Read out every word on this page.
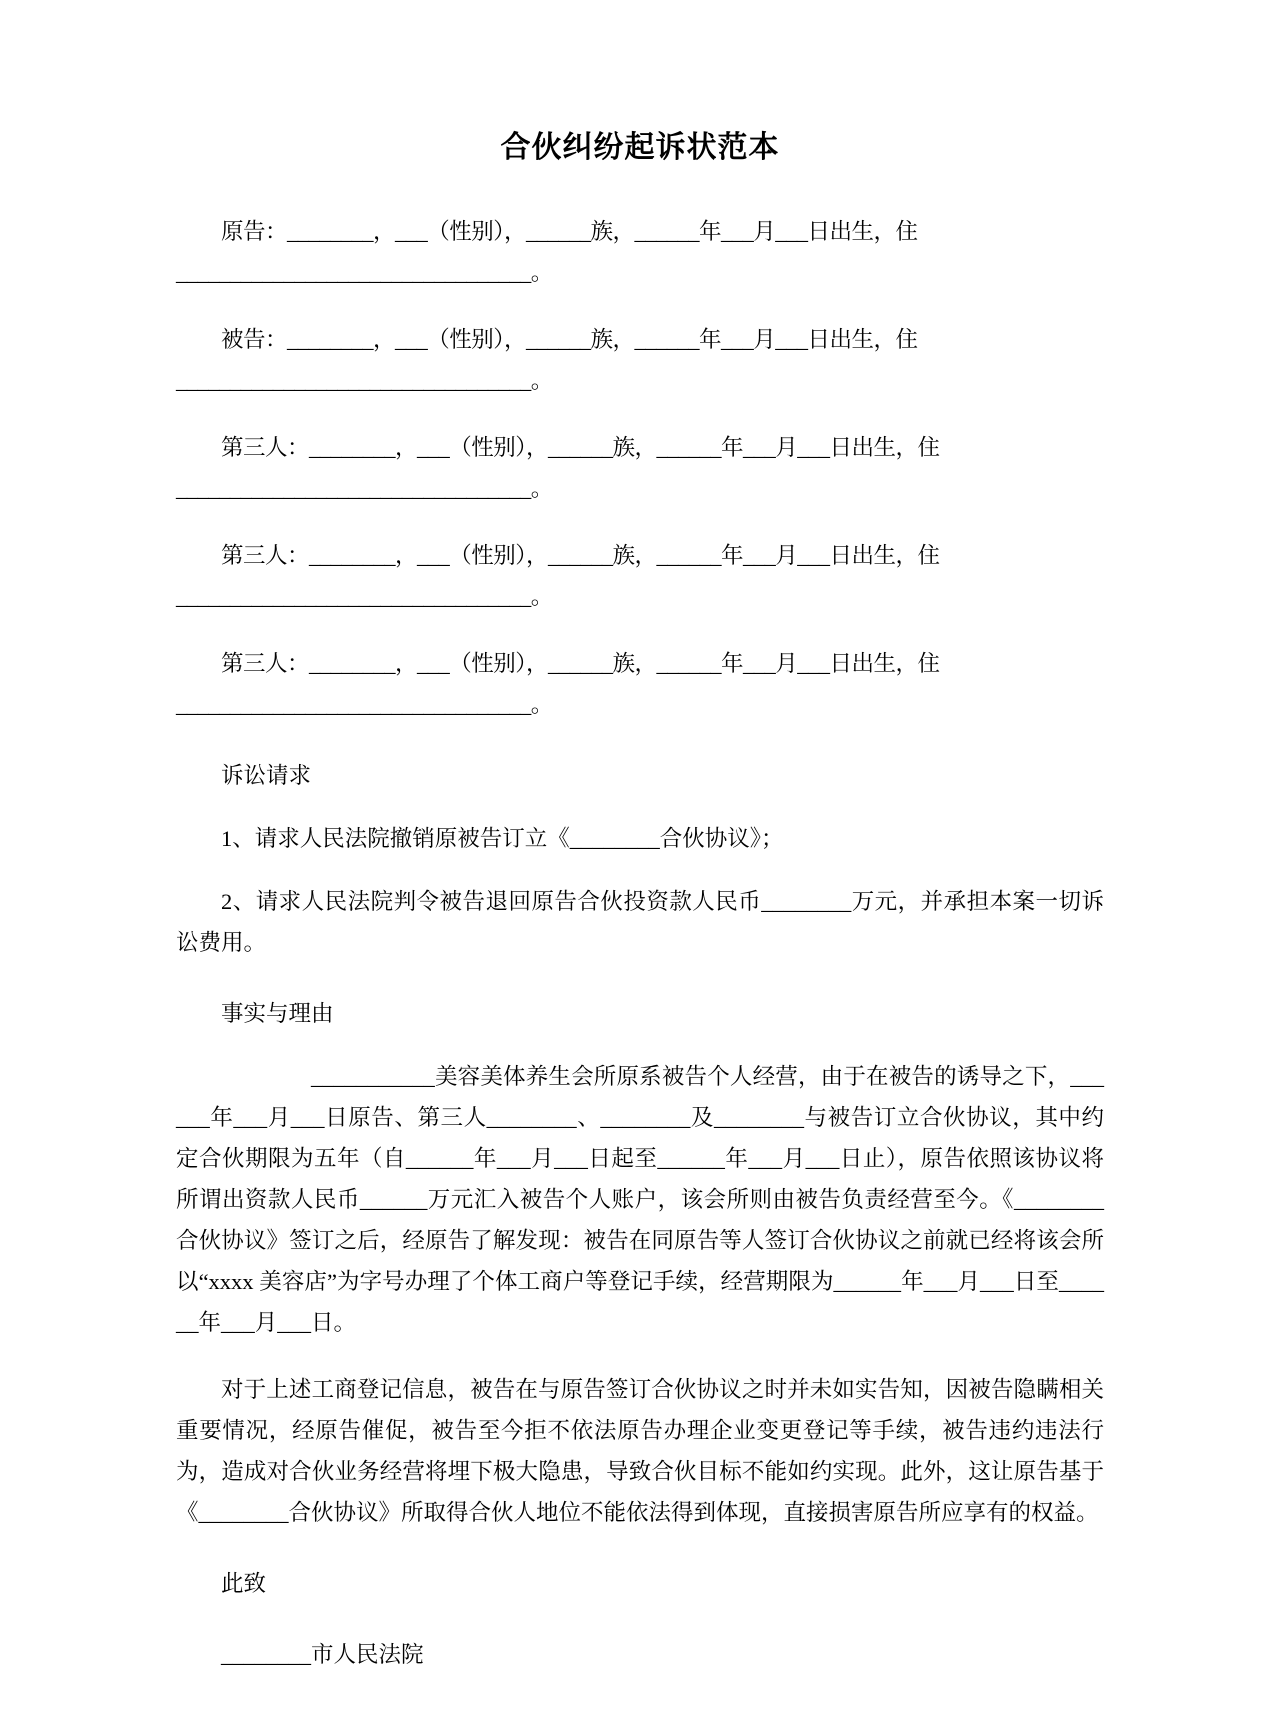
合伙纠纷起诉状范本

原告：________，___（性别），______族，______年___月___日出生，住

_________________________________。

被告：________，___（性别），______族，______年___月___日出生，住

_________________________________。

第三人：________，___（性别），______族，______年___月___日出生，住

_________________________________。

第三人：________，___（性别），______族，______年___月___日出生，住

_________________________________。

第三人：________，___（性别），______族，______年___月___日出生，住

_________________________________。

诉讼请求

1、请求人民法院撤销原被告订立《________合伙协议》；

2、请求人民法院判令被告退回原告合伙投资款人民币________万元，并承担本案一切诉讼费用。

事实与理由

___________美容美体养生会所原系被告个人经营，由于在被告的诱导之下，______年___月___日原告、第三人________、________及________与被告订立合伙协议，其中约定合伙期限为五年（自______年___月___日起至______年___月___日止），原告依照该协议将所谓出资款人民币______万元汇入被告个人账户，该会所则由被告负责经营至今。《________合伙协议》签订之后，经原告了解发现：被告在同原告等人签订合伙协议之前就已经将该会所以“xxxx 美容店”为字号办理了个体工商户等登记手续，经营期限为______年___月___日至______年___月___日。

对于上述工商登记信息，被告在与原告签订合伙协议之时并未如实告知，因被告隐瞒相关重要情况，经原告催促，被告至今拒不依法原告办理企业变更登记等手续，被告违约违法行为，造成对合伙业务经营将埋下极大隐患，导致合伙目标不能如约实现。此外，这让原告基于《________合伙协议》所取得合伙人地位不能依法得到体现，直接损害原告所应享有的权益。

此致

________市人民法院
